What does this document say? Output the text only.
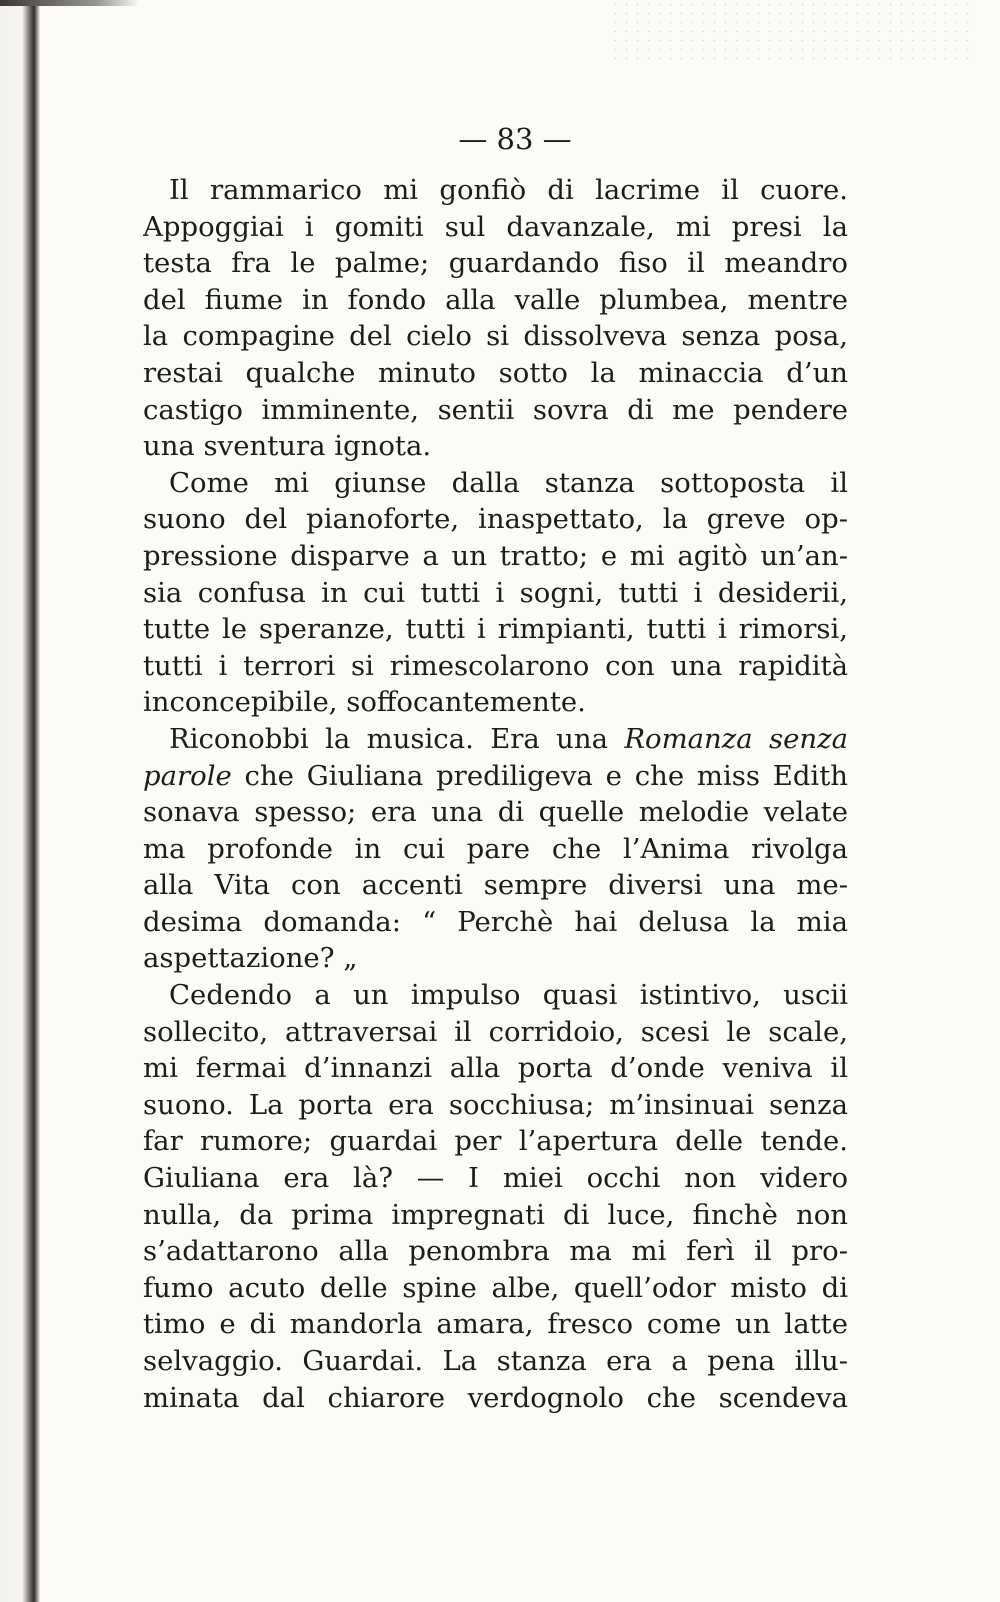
— 83 —
Il rammarico mi gonfiò di lacrime il cuore.
Appoggiai i gomiti sul davanzale, mi presi la
testa fra le palme; guardando fiso il meandro
del fiume in fondo alla valle plumbea, mentre
la compagine del cielo si dissolveva senza posa,
restai qualche minuto sotto la minaccia d’un
castigo imminente, sentii sovra di me pendere
una sventura ignota.
Come mi giunse dalla stanza sottoposta il
suono del pianoforte, inaspettato, la greve op-
pressione disparve a un tratto; e mi agitò un’an-
sia confusa in cui tutti i sogni, tutti i desiderii,
tutte le speranze, tutti i rimpianti, tutti i rimorsi,
tutti i terrori si rimescolarono con una rapidità
inconcepibile, soffocantemente.
Riconobbi la musica. Era una Romanza senza
parole che Giuliana prediligeva e che miss Edith
sonava spesso; era una di quelle melodie velate
ma profonde in cui pare che l’Anima rivolga
alla Vita con accenti sempre diversi una me-
desima domanda: “ Perchè hai delusa la mia
aspettazione? „
Cedendo a un impulso quasi istintivo, uscii
sollecito, attraversai il corridoio, scesi le scale,
mi fermai d’innanzi alla porta d’onde veniva il
suono. La porta era socchiusa; m’insinuai senza
far rumore; guardai per l’apertura delle tende.
Giuliana era là? — I miei occhi non videro
nulla, da prima impregnati di luce, finchè non
s’adattarono alla penombra ma mi ferì il pro-
fumo acuto delle spine albe, quell’odor misto di
timo e di mandorla amara, fresco come un latte
selvaggio. Guardai. La stanza era a pena illu-
minata dal chiarore verdognolo che scendeva
